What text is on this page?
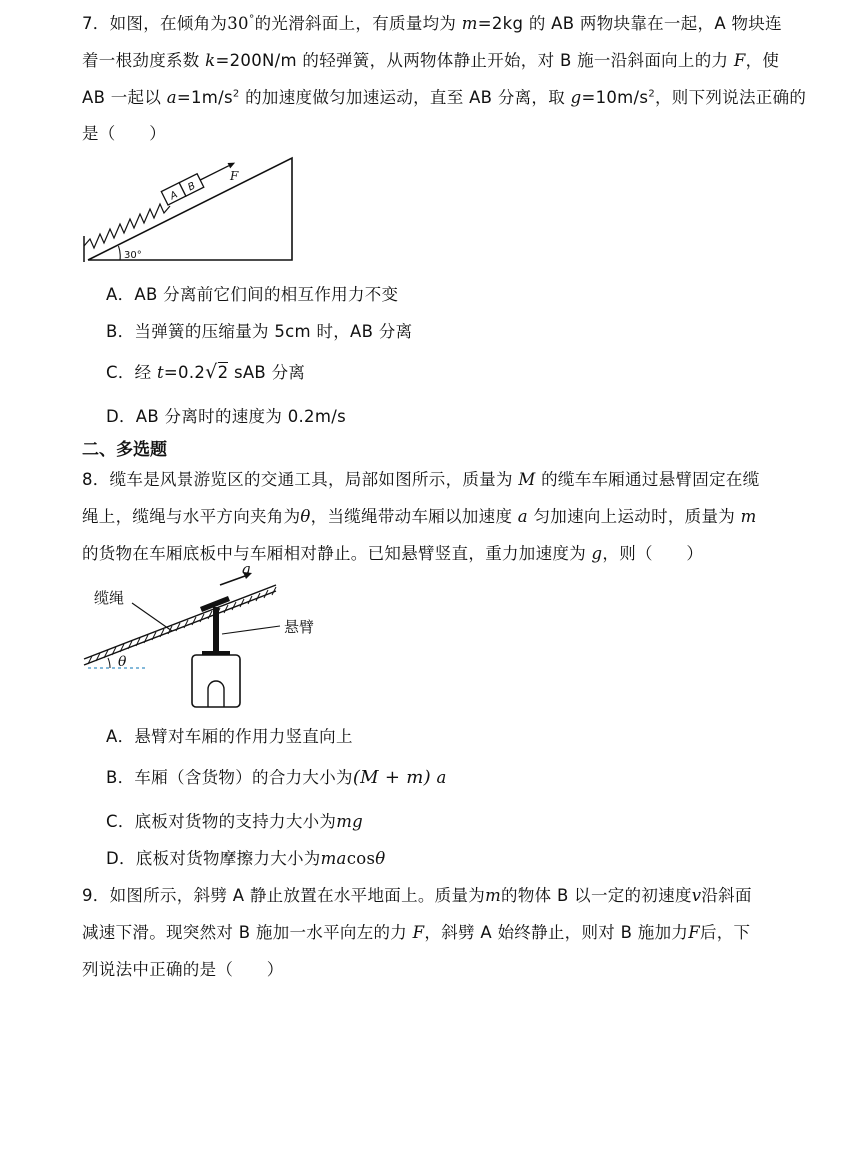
7．如图，在倾角为30°的光滑斜面上，有质量均为 m=2kg 的 AB 两物块靠在一起，A 物块连
着一根劲度系数 k=200N/m 的轻弹簧，从两物体静止开始，对 B 施一沿斜面向上的力 F，使
AB 一起以 $a=1m/s^2$ 的加速度做匀加速运动，直至 AB 分离，取 $g=10m/s^2$，则下列说法正确的
是（　　）
A
B
F
30°
A．AB 分离前它们间的相互作用力不变
B．当弹簧的压缩量为 5cm 时，AB 分离
C．经 t=0.2√2 sAB 分离
D．AB 分离时的速度为 0.2m/s
二、多选题
8．缆车是风景游览区的交通工具，局部如图所示，质量为 M 的缆车车厢通过悬臂固定在缆
绳上，缆绳与水平方向夹角为θ，当缆绳带动车厢以加速度 a 匀加速向上运动时，质量为 m
的货物在车厢底板中与车厢相对静止。已知悬臂竖直，重力加速度为 g，则（　　）
a
缆绳
悬臂
θ
A．悬臂对车厢的作用力竖直向上
B．车厢（含货物）的合力大小为(M + m) a
C．底板对货物的支持力大小为mg
D．底板对货物摩擦力大小为macosθ
9．如图所示，斜劈 A 静止放置在水平地面上。质量为m的物体 B 以一定的初速度v沿斜面
减速下滑。现突然对 B 施加一水平向左的力 F，斜劈 A 始终静止，则对 B 施加力F后，下
列说法中正确的是（　　）
